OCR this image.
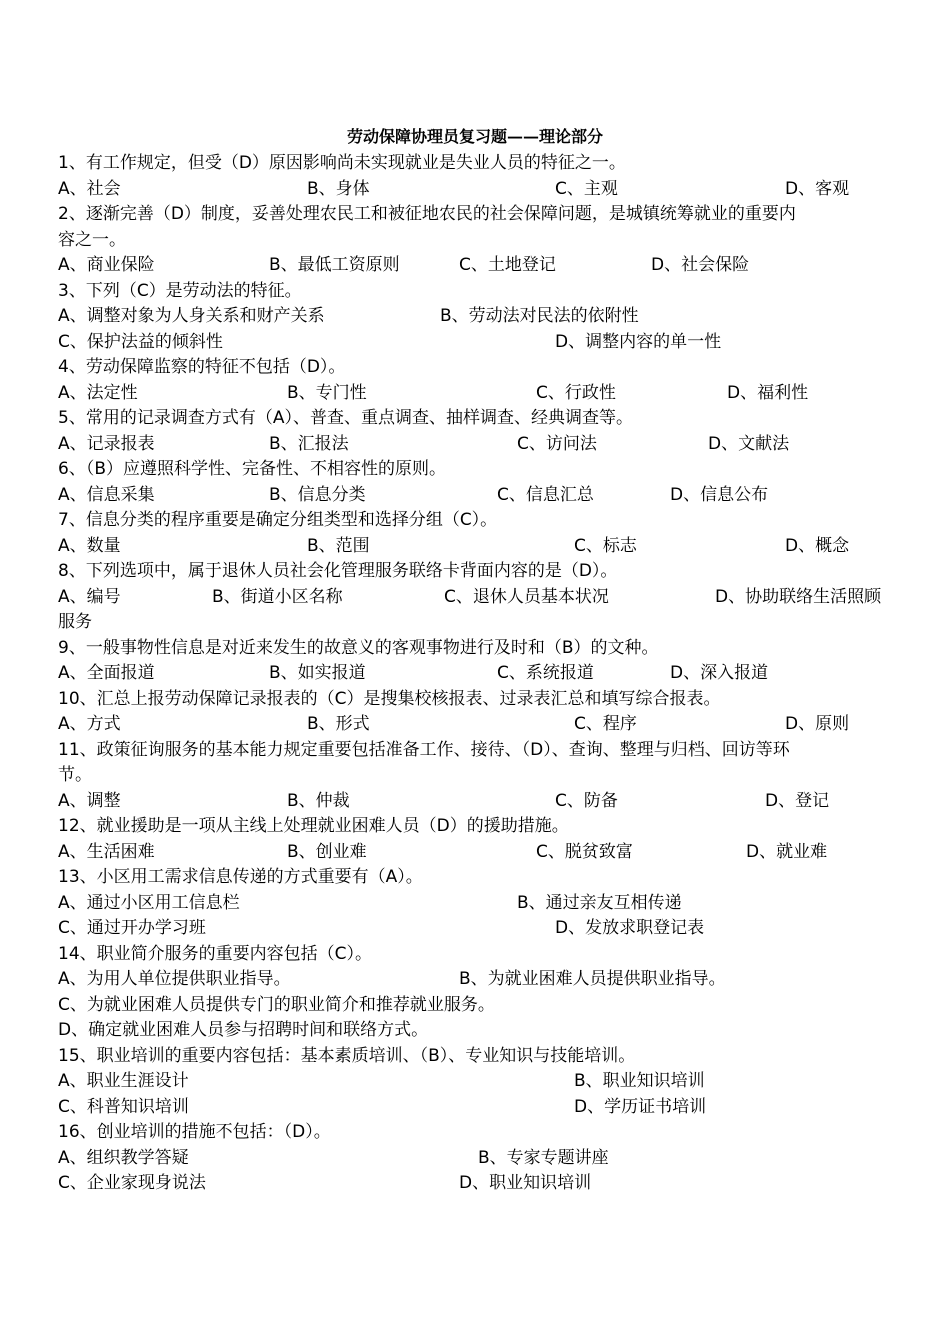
劳动保障协理员复习题——理论部分
1、有工作规定，但受（D）原因影响尚未实现就业是失业人员的特征之一。
A、社会	B、身体	C、主观	D、客观
2、逐渐完善（D）制度，妥善处理农民工和被征地农民的社会保障问题，是城镇统筹就业的重要内
容之一。
A、商业保险	B、最低工资原则	C、土地登记	D、社会保险
3、下列（C）是劳动法的特征。
A、调整对象为人身关系和财产关系	B、劳动法对民法的依附性
C、保护法益的倾斜性	D、调整内容的单一性
4、劳动保障监察的特征不包括（D）。
A、法定性	B、专门性	C、行政性	D、福利性
5、常用的记录调查方式有（A）、普查、重点调查、抽样调查、经典调查等。
A、记录报表	B、汇报法	C、访问法	D、文献法
6、（B）应遵照科学性、完备性、不相容性的原则。
A、信息采集	B、信息分类	C、信息汇总	D、信息公布
7、信息分类的程序重要是确定分组类型和选择分组（C）。
A、数量	B、范围	C、标志	D、概念
8、下列选项中，属于退休人员社会化管理服务联络卡背面内容的是（D）。
A、编号	B、街道小区名称	C、退休人员基本状况	D、协助联络生活照顾
服务
9、一般事物性信息是对近来发生的故意义的客观事物进行及时和（B）的文种。
A、全面报道	B、如实报道	C、系统报道	D、深入报道
10、汇总上报劳动保障记录报表的（C）是搜集校核报表、过录表汇总和填写综合报表。
A、方式	B、形式	C、程序	D、原则
11、政策征询服务的基本能力规定重要包括准备工作、接待、（D）、查询、整理与归档、回访等环
节。
A、调整	B、仲裁	C、防备	D、登记
12、就业援助是一项从主线上处理就业困难人员（D）的援助措施。
A、生活困难	B、创业难	C、脱贫致富	D、就业难
13、小区用工需求信息传递的方式重要有（A）。
A、通过小区用工信息栏	B、通过亲友互相传递
C、通过开办学习班	D、发放求职登记表
14、职业简介服务的重要内容包括（C）。
A、为用人单位提供职业指导。	B、为就业困难人员提供职业指导。
C、为就业困难人员提供专门的职业简介和推荐就业服务。
D、确定就业困难人员参与招聘时间和联络方式。
15、职业培训的重要内容包括：基本素质培训、（B）、专业知识与技能培训。
A、职业生涯设计	B、职业知识培训
C、科普知识培训	D、学历证书培训
16、创业培训的措施不包括：（D）。
A、组织教学答疑	B、专家专题讲座
C、企业家现身说法	D、职业知识培训
